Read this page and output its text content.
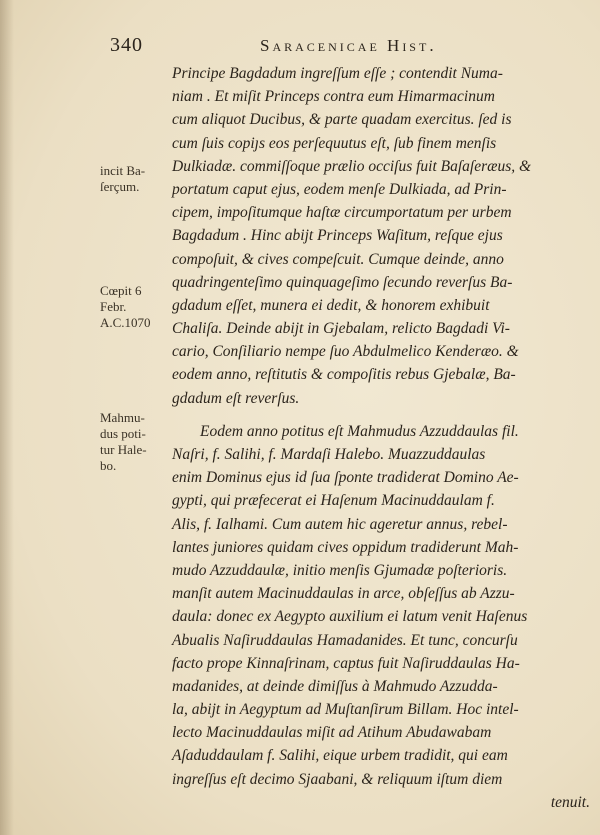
340	Saracenicae Hist.
incit Ba-
ſerçum.
Cœpit 6
Febr.
A.C.1070
Mahmu-
dus poti-
tur Hale-
bo.
Principe Bagdadum ingreſſum eſſe ; contendit Numa-
niam . Et miſit Princeps contra eum Himarmacinum
cum aliquot Ducibus, & parte quadam exercitus. ſed is
cum ſuis copiȷs eos perſequutus eſt, ſub finem menſis
Dulkiadæ. commiſſoque prælio occiſus fuit Baſaſeræus, &
portatum caput ejus, eodem menſe Dulkiada, ad Prin-
cipem, impoſitumque haſtæ circumportatum per urbem
Bagdadum . Hinc abijt Princeps Waſitum, reſque ejus
compoſuit, & cives compeſcuit. Cumque deinde, anno
quadringenteſimo quinquageſimo ſecundo reverſus Ba-
gdadum eſſet, munera ei dedit, & honorem exhibuit
Chaliſa. Deinde abijt in Gjebalam, relicto Bagdadi Vi-
cario, Conſiliario nempe ſuo Abdulmelico Kenderæo. &
eodem anno, reſtitutis & compoſitis rebus Gjebalæ, Ba-
gdadum eſt reverſus.
Eodem anno potitus eſt Mahmudus Azzuddaulas fil.
Naſri, f. Salihi, f. Mardaſi Halebo. Muazzuddaulas
enim Dominus ejus id ſua ſponte tradiderat Domino Ae-
gypti, qui præfecerat ei Haſenum Macinuddaulam f.
Alis, f. Ialhami. Cum autem hic ageretur annus, rebel-
lantes juniores quidam cives oppidum tradiderunt Mah-
mudo Azzuddaulæ, initio menſis Gjumadæ poſterioris.
manſit autem Macinuddaulas in arce, obſeſſus ab Azzu-
daula: donec ex Aegypto auxilium ei latum venit Haſenus
Abualis Naſiruddaulas Hamadanides. Et tunc, concurſu
facto prope Kinnaſrinam, captus fuit Naſiruddaulas Ha-
madanides, at deinde dimiſſus à Mahmudo Azzudda-
la, abijt in Aegyptum ad Muſtanſirum Billam. Hoc intel-
lecto Macinuddaulas miſit ad Atihum Abudawabam
Aſaduddaulam f. Salihi, eique urbem tradidit, qui eam
ingreſſus eſt decimo Sjaabani, & reliquum iſtum diem
tenuit.
